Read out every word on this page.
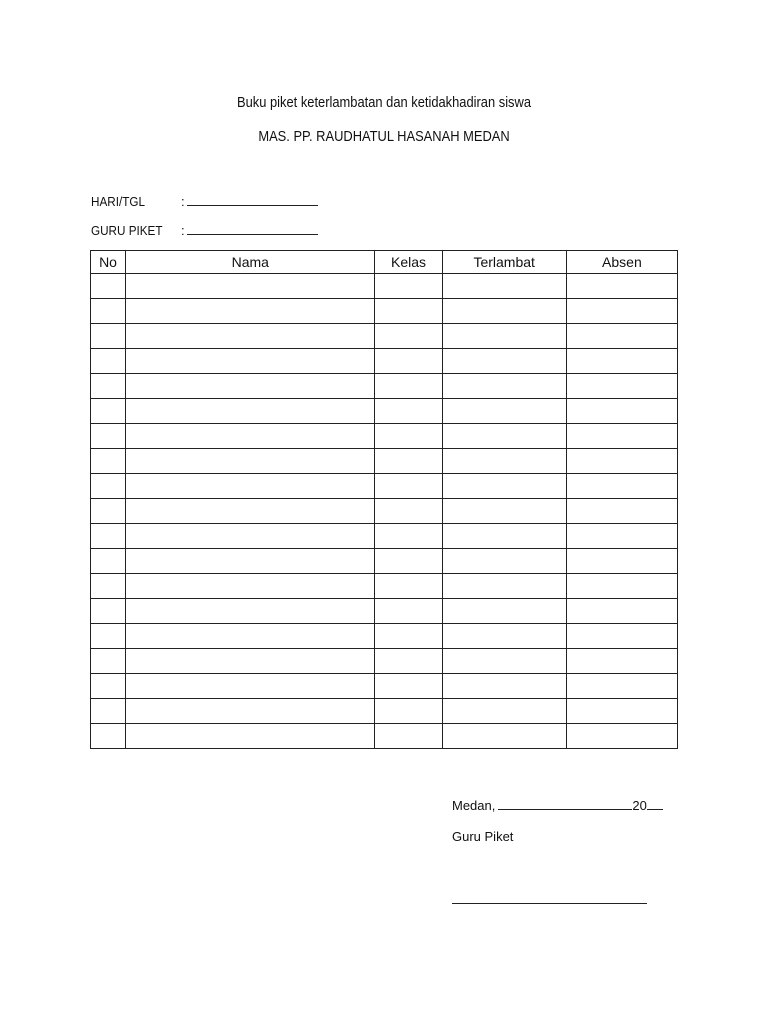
Buku piket keterlambatan dan ketidakhadiran siswa
MAS. PP. RAUDHATUL HASANAH MEDAN
HARI/TGL	:
GURU PIKET :
No	Nama	Kelas	Terlambat	Absen

Medan,	20
Guru Piket
